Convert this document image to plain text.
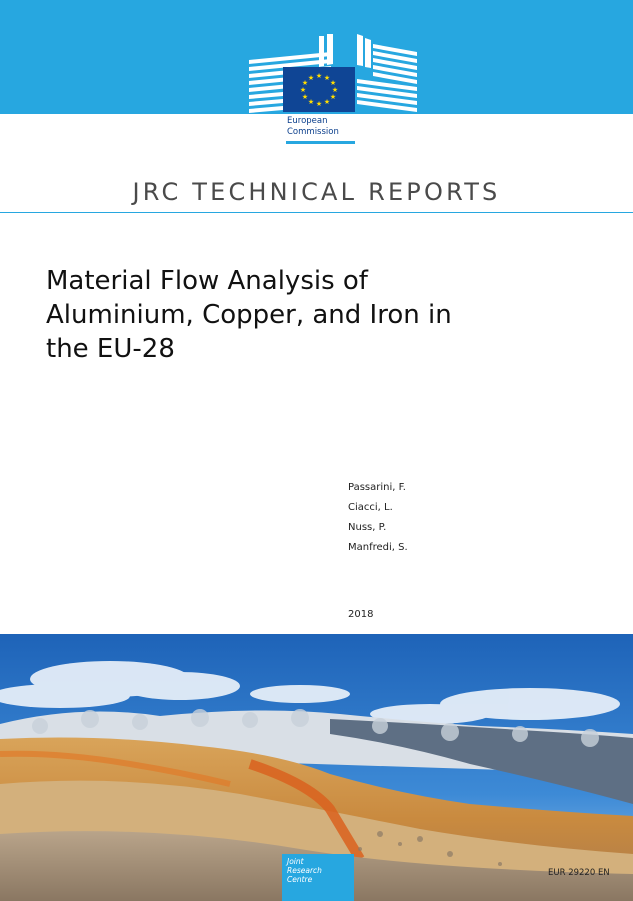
★ ★
★
★
★
★
★
★
★
★
★
★
European
Commission
JRC TECHNICAL REPORTS
Material Flow Analysis of
Aluminium, Copper, and Iron in
the EU-28
Passarini, F.
Ciacci, L.
Nuss, P.
Manfredi, S.
2018
Joint
Research
Centre
EUR 29220 EN
